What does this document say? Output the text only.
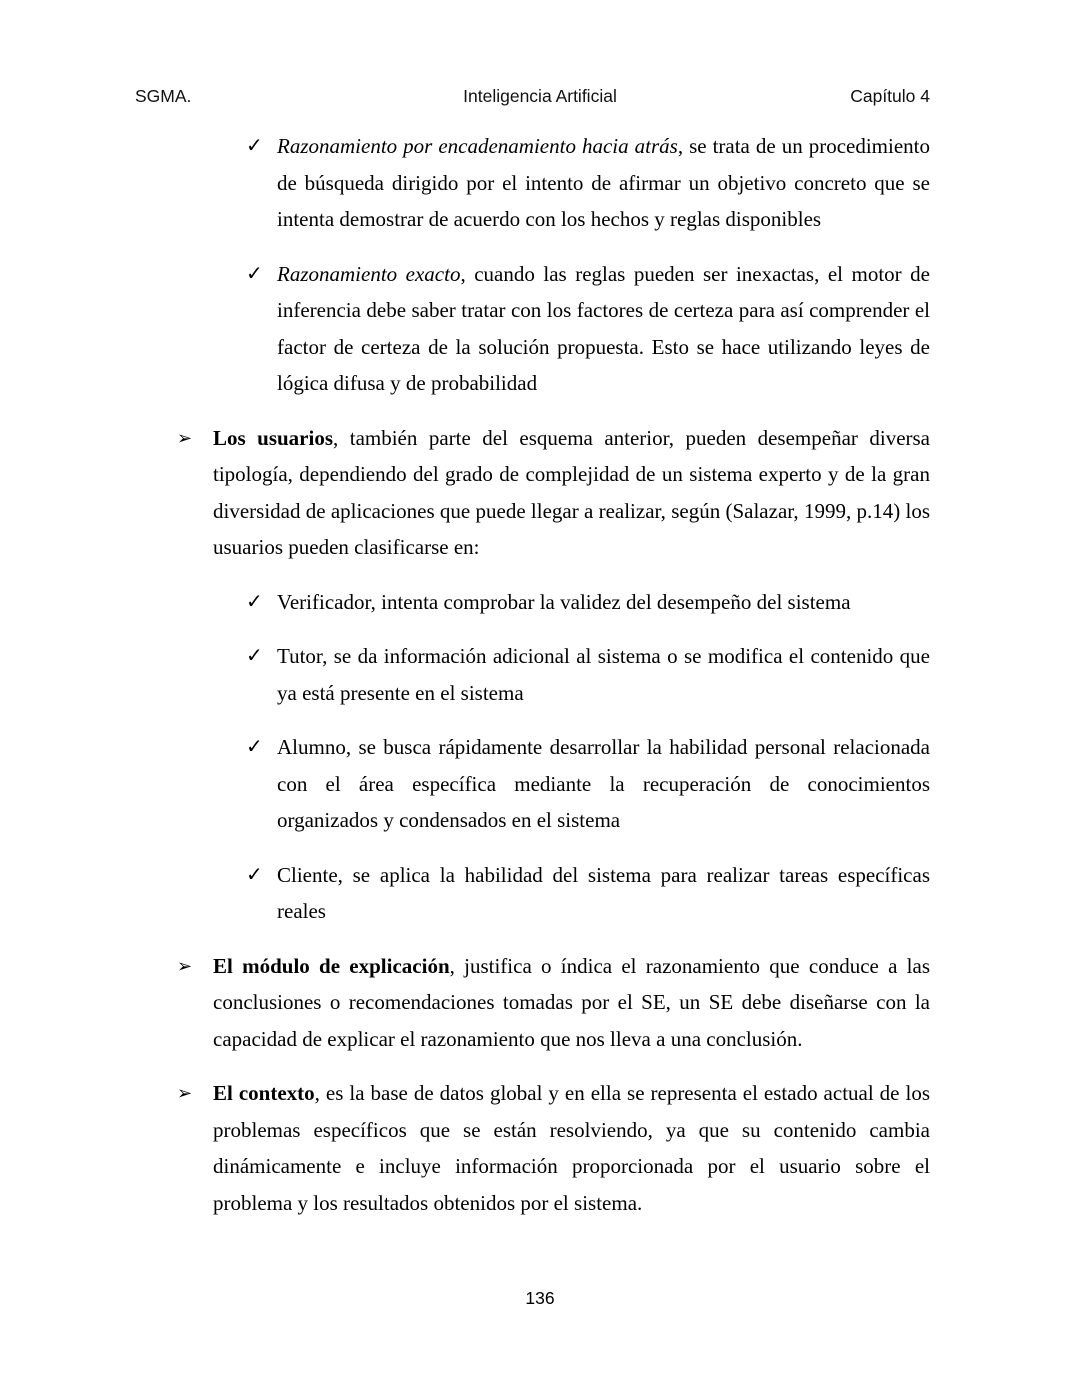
SGMA.	Inteligencia Artificial	Capítulo 4
✓ Razonamiento por encadenamiento hacia atrás, se trata de un procedimiento de búsqueda dirigido por el intento de afirmar un objetivo concreto que se intenta demostrar de acuerdo con los hechos y reglas disponibles
✓ Razonamiento exacto, cuando las reglas pueden ser inexactas, el motor de inferencia debe saber tratar con los factores de certeza para así comprender el factor de certeza de la solución propuesta. Esto se hace utilizando leyes de lógica difusa y de probabilidad
➢ Los usuarios, también parte del esquema anterior, pueden desempeñar diversa tipología, dependiendo del grado de complejidad de un sistema experto y de la gran diversidad de aplicaciones que puede llegar a realizar, según (Salazar, 1999, p.14) los usuarios pueden clasificarse en:
✓ Verificador, intenta comprobar la validez del desempeño del sistema
✓ Tutor, se da información adicional al sistema o se modifica el contenido que ya está presente en el sistema
✓ Alumno, se busca rápidamente desarrollar la habilidad personal relacionada con el área específica mediante la recuperación de conocimientos organizados y condensados en el sistema
✓ Cliente, se aplica la habilidad del sistema para realizar tareas específicas reales
➢ El módulo de explicación, justifica o índica el razonamiento que conduce a las conclusiones o recomendaciones tomadas por el SE, un SE debe diseñarse con la capacidad de explicar el razonamiento que nos lleva a una conclusión.
➢ El contexto, es la base de datos global y en ella se representa el estado actual de los problemas específicos que se están resolviendo, ya que su contenido cambia dinámicamente e incluye información proporcionada por el usuario sobre el problema y los resultados obtenidos por el sistema.
136
